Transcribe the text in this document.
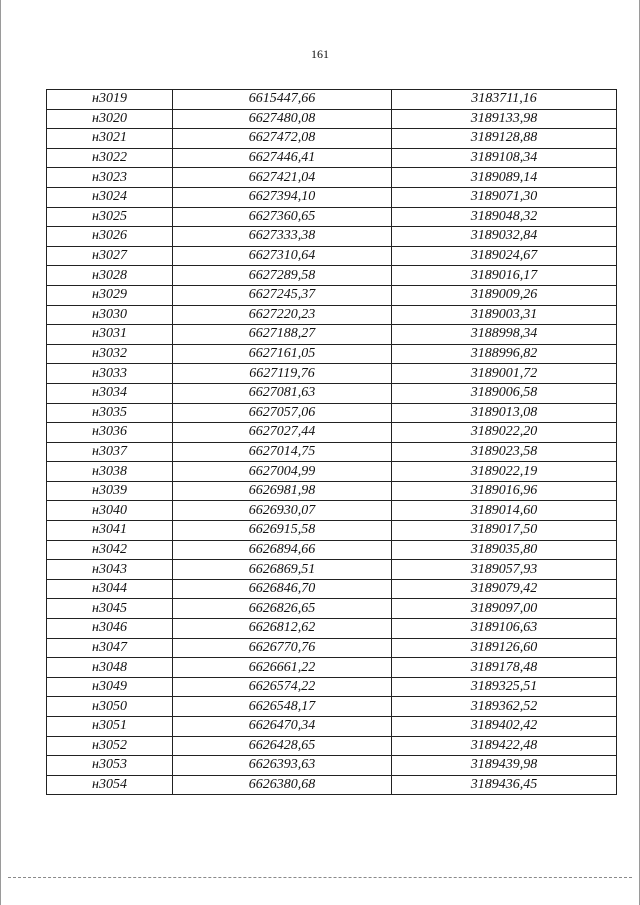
161
н3019	6615447,66	3183711,16
н3020	6627480,08	3189133,98
н3021	6627472,08	3189128,88
н3022	6627446,41	3189108,34
н3023	6627421,04	3189089,14
н3024	6627394,10	3189071,30
н3025	6627360,65	3189048,32
н3026	6627333,38	3189032,84
н3027	6627310,64	3189024,67
н3028	6627289,58	3189016,17
н3029	6627245,37	3189009,26
н3030	6627220,23	3189003,31
н3031	6627188,27	3188998,34
н3032	6627161,05	3188996,82
н3033	6627119,76	3189001,72
н3034	6627081,63	3189006,58
н3035	6627057,06	3189013,08
н3036	6627027,44	3189022,20
н3037	6627014,75	3189023,58
н3038	6627004,99	3189022,19
н3039	6626981,98	3189016,96
н3040	6626930,07	3189014,60
н3041	6626915,58	3189017,50
н3042	6626894,66	3189035,80
н3043	6626869,51	3189057,93
н3044	6626846,70	3189079,42
н3045	6626826,65	3189097,00
н3046	6626812,62	3189106,63
н3047	6626770,76	3189126,60
н3048	6626661,22	3189178,48
н3049	6626574,22	3189325,51
н3050	6626548,17	3189362,52
н3051	6626470,34	3189402,42
н3052	6626428,65	3189422,48
н3053	6626393,63	3189439,98
н3054	6626380,68	3189436,45
